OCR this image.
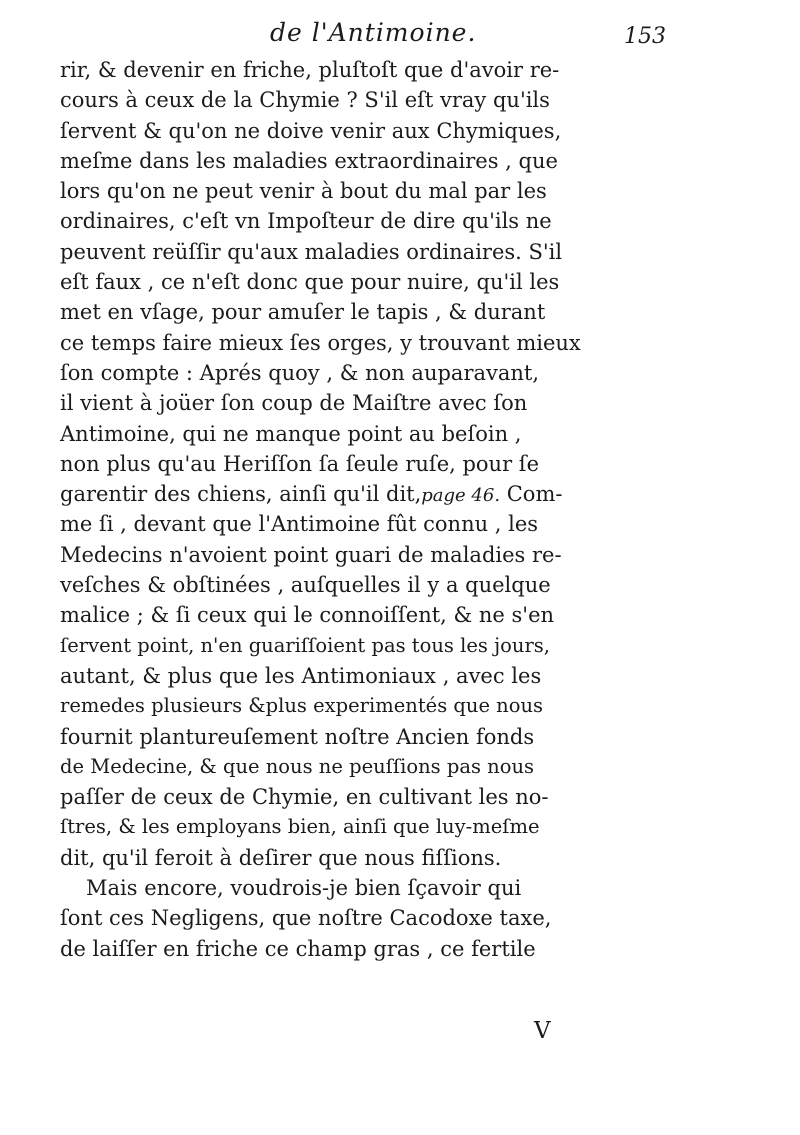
de l'Antimoine.	153
rir, & devenir en friche, pluſtoſt que d'avoir re-
cours à ceux de la Chymie ? S'il eſt vray qu'ils
ſervent & qu'on ne doive venir aux Chymiques,
meſme dans les maladies extraordinaires , que
lors qu'on ne peut venir à bout du mal par les
ordinaires, c'eſt vn Impoſteur de dire qu'ils ne
peuvent reüſſir qu'aux maladies ordinaires. S'il
eſt faux , ce n'eſt donc que pour nuire, qu'il les
met en vſage, pour amuſer le tapis , & durant
ce temps faire mieux ſes orges, y trouvant mieux
ſon compte : Aprés quoy , & non auparavant,
il vient à joüer ſon coup de Maiſtre avec ſon
Antimoine, qui ne manque point au beſoin ,
non plus qu'au Heriſſon ſa ſeule ruſe, pour ſe
garentir des chiens, ainſi qu'il dit,page 46. Com-
me ſi , devant que l'Antimoine fût connu , les
Medecins n'avoient point guari de maladies re-
veſches & obſtinées , auſquelles il y a quelque
malice ; & ſi ceux qui le connoiſſent, & ne s'en
ſervent point, n'en guariſſoient pas tous les jours,
autant, & plus que les Antimoniaux , avec les
remedes plusieurs &plus experimentés que nous
fournit plantureuſement noſtre Ancien fonds
de Medecine, & que nous ne peuſſions pas nous
paſſer de ceux de Chymie, en cultivant les no-
ſtres, & les employans bien, ainſi que luy-meſme
dit, qu'il feroit à deſirer que nous fiſſions.
Mais encore, voudrois-je bien ſçavoir qui
ſont ces Negligens, que noſtre Cacodoxe taxe,
de laiſſer en friche ce champ gras , ce fertile
V
